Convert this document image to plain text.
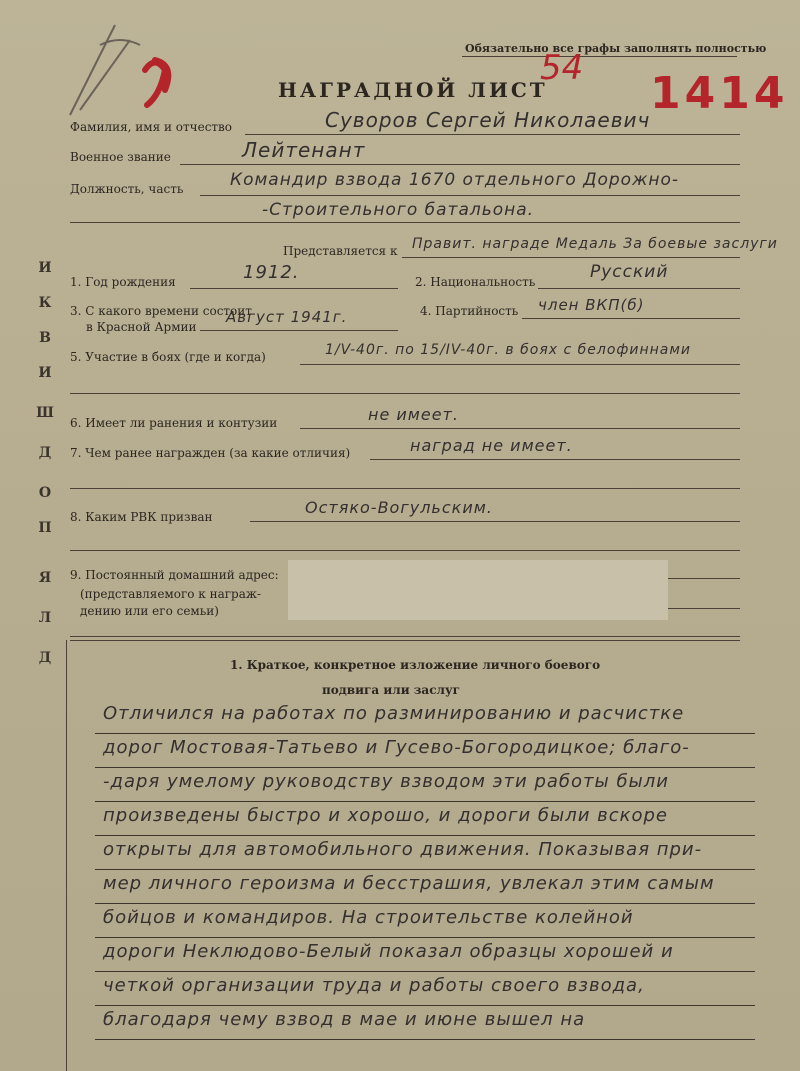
Обязательно все графы заполнять полностью
54 1414
НАГРАДНОЙ ЛИСТ
Д
Л
Я
П
О
Д
Ш
И
В
К
И
Фамилия, имя и отчество	Суворов Сергей Николаевич
Военное звание	Лейтенант
Должность, часть	Командир взвода 1670 отдельного Дорожно-
-Строительного батальона.
Представляется к Правит. награде Медаль За боевые заслуги
1. Год рождения	1912.	2. Национальность	Русский
3. С какого времени состоит
в Красной Армии
Август 1941г.	4. Партийность член ВКП(б)
5. Участие в боях (где и когда)	1/V-40г. по 15/IV-40г. в боях с белофиннами
6. Имеет ли ранения и контузии	не имеет.
7. Чем ранее награжден (за какие отличия)	наград не имеет.
8. Каким РВК призван	Остяко-Вогульским.
9. Постоянный домашний адрес:
(представляемого к награж-
дению или его семьи)
1. Краткое, конкретное изложение личного боевого
подвига или заслуг
Отличился на работах по разминированию и расчистке
дорог Мостовая-Татьево и Гусево-Богородицкое; благо-
-даря умелому руководству взводом эти работы были
произведены быстро и хорошо, и дороги были вскоре
открыты для автомобильного движения. Показывая при-
мер личного героизма и бесстрашия, увлекал этим самым
бойцов и командиров. На строительстве колейной
дороги Неклюдово-Белый показал образцы хорошей и
четкой организации труда и работы своего взвода,
благодаря чему взвод в мае и июне вышел на
